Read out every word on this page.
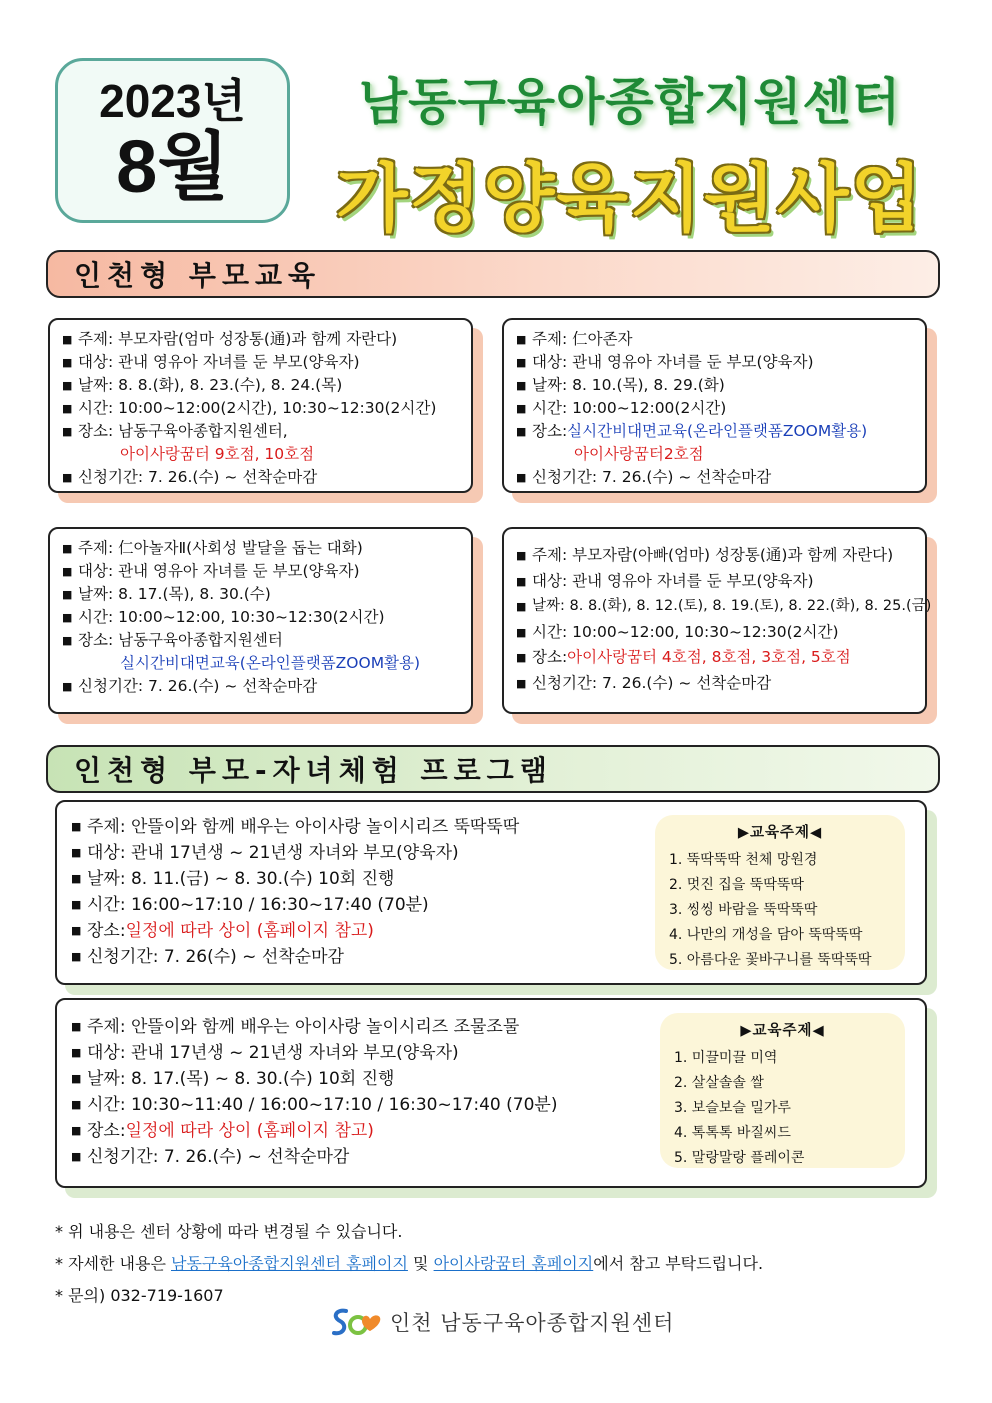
2023년
8월
남동구육아종합지원센터
가정양육지원사업
인천형 부모교육
■ 주제: 부모자람(엄마 성장통(通)과 함께 자란다)
■ 대상: 관내 영유아 자녀를 둔 부모(양육자)
■ 날짜: 8. 8.(화), 8. 23.(수), 8. 24.(목)
■ 시간: 10:00~12:00(2시간), 10:30~12:30(2시간)
■ 장소: 남동구육아종합지원센터,
아이사랑꿈터 9호점, 10호점
■ 신청기간: 7. 26.(수) ~ 선착순마감
■ 주제: 仁아존자
■ 대상: 관내 영유아 자녀를 둔 부모(양육자)
■ 날짜: 8. 10.(목), 8. 29.(화)
■ 시간: 10:00~12:00(2시간)
■ 장소: 실시간비대면교육(온라인플랫폼ZOOM활용)
아이사랑꿈터2호점
■ 신청기간: 7. 26.(수) ~ 선착순마감
■ 주제: 仁아놀자Ⅱ(사회성 발달을 돕는 대화)
■ 대상: 관내 영유아 자녀를 둔 부모(양육자)
■ 날짜: 8. 17.(목), 8. 30.(수)
■ 시간: 10:00~12:00, 10:30~12:30(2시간)
■ 장소: 남동구육아종합지원센터
실시간비대면교육(온라인플랫폼ZOOM활용)
■ 신청기간: 7. 26.(수) ~ 선착순마감
■ 주제: 부모자람(아빠(엄마) 성장통(通)과 함께 자란다)
■ 대상: 관내 영유아 자녀를 둔 부모(양육자)
■ 날짜: 8. 8.(화), 8. 12.(토), 8. 19.(토), 8. 22.(화), 8. 25.(금)
■ 시간: 10:00~12:00, 10:30~12:30(2시간)
■ 장소: 아이사랑꿈터 4호점, 8호점, 3호점, 5호점
■ 신청기간: 7. 26.(수) ~ 선착순마감
인천형 부모-자녀체험 프로그램
■ 주제: 안뜰이와 함께 배우는 아이사랑 놀이시리즈 뚝딱뚝딱
■ 대상: 관내 17년생 ~ 21년생 자녀와 부모(양육자)
■ 날짜: 8. 11.(금) ~ 8. 30.(수) 10회 진행
■ 시간: 16:00~17:10 / 16:30~17:40 (70분)
■ 장소: 일정에 따라 상이 (홈페이지 참고)
■ 신청기간: 7. 26(수) ~ 선착순마감
▶교육주제◀
1. 뚝딱뚝딱 천체 망원경
2. 멋진 집을 뚝딱뚝딱
3. 씽씽 바람을 뚝딱뚝딱
4. 나만의 개성을 담아 뚝딱뚝딱
5. 아름다운 꽃바구니를 뚝딱뚝딱
■ 주제: 안뜰이와 함께 배우는 아이사랑 놀이시리즈 조물조물
■ 대상: 관내 17년생 ~ 21년생 자녀와 부모(양육자)
■ 날짜: 8. 17.(목) ~ 8. 30.(수) 10회 진행
■ 시간: 10:30~11:40 / 16:00~17:10 / 16:30~17:40 (70분)
■ 장소: 일정에 따라 상이 (홈페이지 참고)
■ 신청기간: 7. 26.(수) ~ 선착순마감
▶교육주제◀
1. 미끌미끌 미역
2. 살살솔솔 쌀
3. 보슬보슬 밀가루
4. 톡톡톡 바질씨드
5. 말랑말랑 플레이콘
* 위 내용은 센터 상황에 따라 변경될 수 있습니다.
* 자세한 내용은 남동구육아종합지원센터 홈페이지 및 아이사랑꿈터 홈페이지에서 참고 부탁드립니다.
* 문의) 032-719-1607
인천 남동구육아종합지원센터
